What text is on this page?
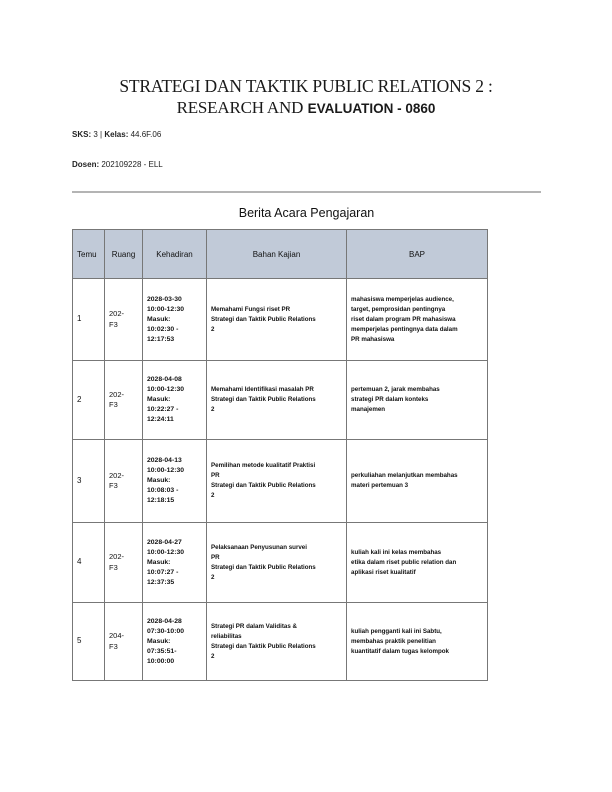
STRATEGI DAN TAKTIK PUBLIC RELATIONS 2 :
RESEARCH AND EVALUATION - 0860
SKS: 3 | Kelas: 44.6F.06
Dosen: 202109228 - ELL
Berita Acara Pengajaran
Temu	Ruang	Kehadiran	Bahan Kajian	BAP
1	202-
F3	2028-03-30
10:00-12:30
Masuk:
10:02:30 -
12:17:53	Memahami Fungsi riset PR
Strategi dan Taktik Public Relations
2	mahasiswa memperjelas audience,
target, pemprosidan pentingnya
riset dalam program PR mahasiswa
memperjelas pentingnya data dalam
PR mahasiswa
2	202-
F3	2028-04-08
10:00-12:30
Masuk:
10:22:27 -
12:24:11	Memahami Identifikasi masalah PR
Strategi dan Taktik Public Relations
2	pertemuan 2, jarak membahas
strategi PR dalam konteks
manajemen
3	202-
F3	2028-04-13
10:00-12:30
Masuk:
10:08:03 -
12:18:15	Pemilihan metode kualitatif Praktisi
PR
Strategi dan Taktik Public Relations
2	perkuliahan melanjutkan membahas
materi pertemuan 3
4	202-
F3	2028-04-27
10:00-12:30
Masuk:
10:07:27 -
12:37:35	Pelaksanaan Penyusunan survei
PR
Strategi dan Taktik Public Relations
2	kuliah kali ini kelas membahas
etika dalam riset public relation dan
aplikasi riset kualitatif
5	204-
F3	2028-04-28
07:30-10:00
Masuk:
07:35:51-
10:00:00	Strategi PR dalam Validitas &
reliabilitas
Strategi dan Taktik Public Relations
2	kuliah pengganti kali ini Sabtu,
membahas praktik penelitian
kuantitatif dalam tugas kelompok
